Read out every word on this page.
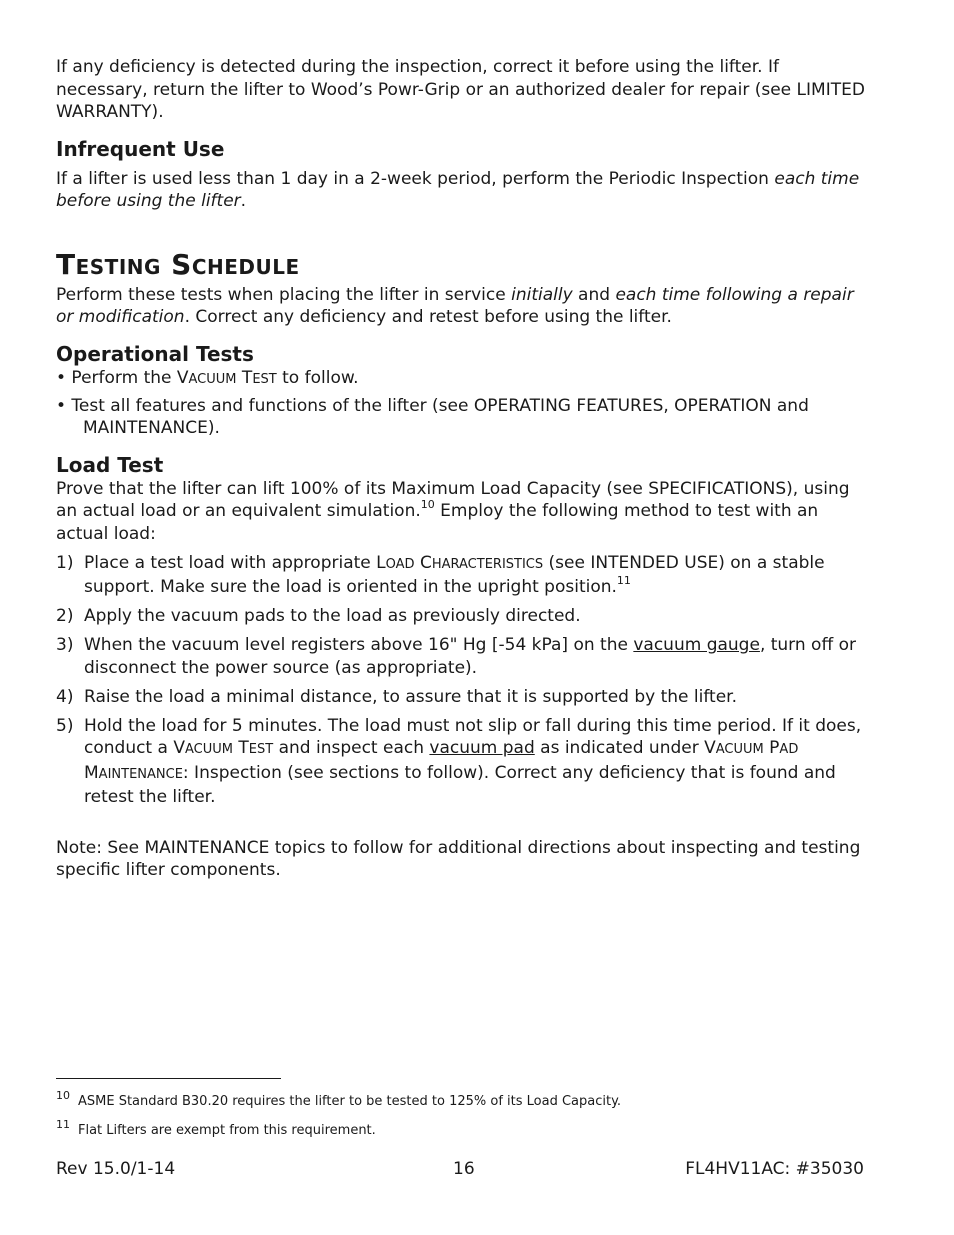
If any deficiency is detected during the inspection, correct it before using the lifter. If necessary, return the lifter to Wood’s Powr-Grip or an authorized dealer for repair (see LIMITED WARRANTY).

Infrequent Use

If a lifter is used less than 1 day in a 2-week period, perform the Periodic Inspection each time before using the lifter.

TESTING SCHEDULE

Perform these tests when placing the lifter in service initially and each time following a repair or modification. Correct any deficiency and retest before using the lifter.

Operational Tests

• Perform the VACUUM TEST to follow.

• Test all features and functions of the lifter (see OPERATING FEATURES, OPERATION and MAINTENANCE).

Load Test

Prove that the lifter can lift 100% of its Maximum Load Capacity (see SPECIFICATIONS), using an actual load or an equivalent simulation.$^{10}$ Employ the following method to test with an actual load:

1) Place a test load with appropriate LOAD CHARACTERISTICS (see INTENDED USE) on a stable support. Make sure the load is oriented in the upright position.$^{11}$

2) Apply the vacuum pads to the load as previously directed.

3) When the vacuum level registers above 16" Hg [-54 kPa] on the vacuum gauge, turn off or disconnect the power source (as appropriate).

4) Raise the load a minimal distance, to assure that it is supported by the lifter.

5) Hold the load for 5 minutes. The load must not slip or fall during this time period. If it does, conduct a VACUUM TEST and inspect each vacuum pad as indicated under VACUUM PAD MAINTENANCE: Inspection (see sections to follow). Correct any deficiency that is found and retest the lifter.

Note: See MAINTENANCE topics to follow for additional directions about inspecting and testing specific lifter components.

$^{10}$ ASME Standard B30.20 requires the lifter to be tested to 125% of its Load Capacity.
$^{11}$ Flat Lifters are exempt from this requirement.
Rev 15.0/1-14	16	FL4HV11AC: #35030
